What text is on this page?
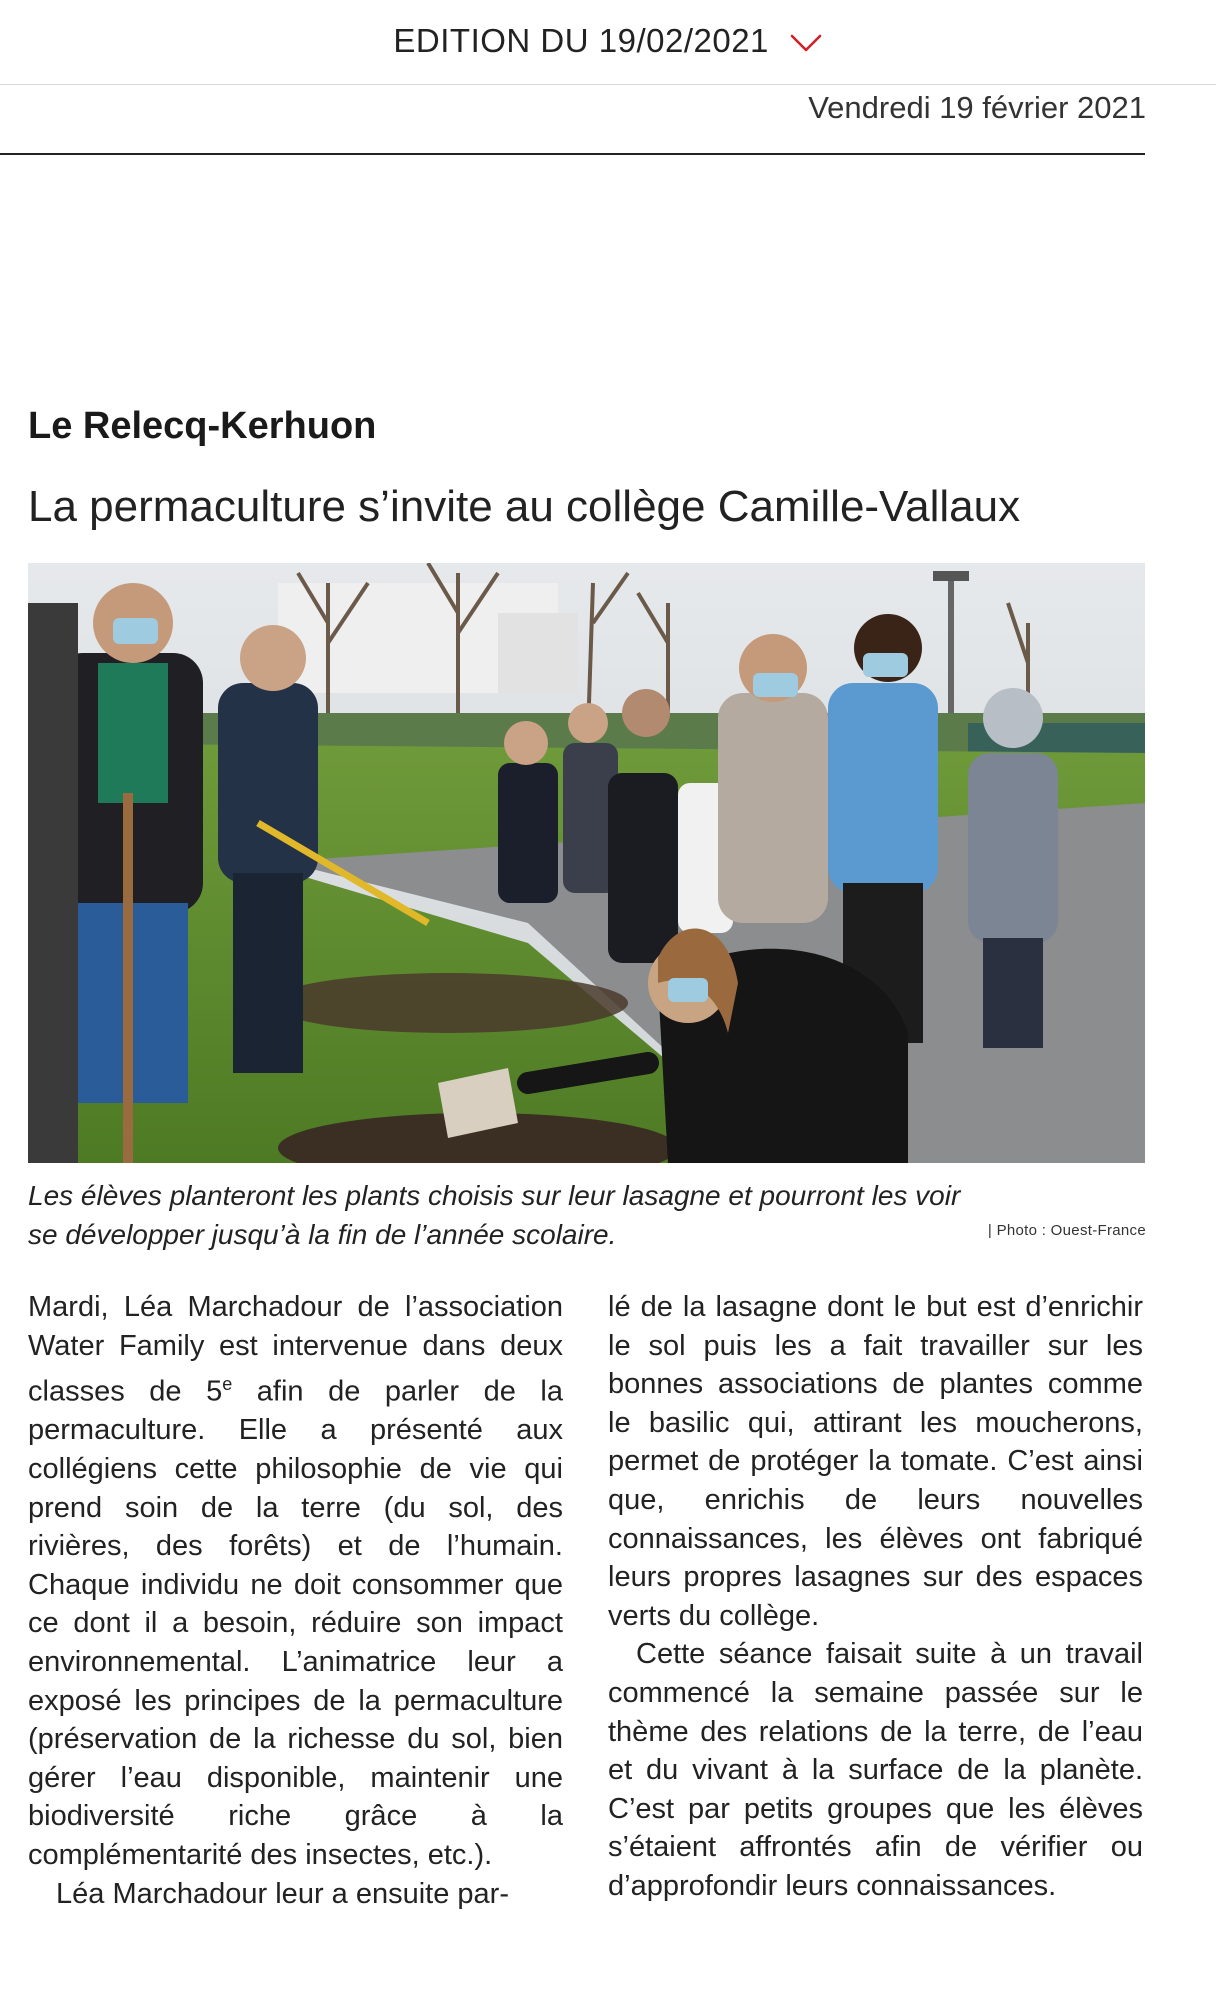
EDITION DU 19/02/2021
Vendredi 19 février 2021
Le Relecq-Kerhuon
La permaculture s’invite au collège Camille-Vallaux
Les élèves planteront les plants choisis sur leur lasagne et pourront les voir
se développer jusqu’à la fin de l’année scolaire.	| Photo : Ouest-France

Mardi, Léa Marchadour de l’association Water Family est intervenue dans deux classes de 5e afin de parler de la permaculture. Elle a présenté aux collégiens cette philosophie de vie qui prend soin de la terre (du sol, des rivières, des forêts) et de l’humain. Chaque individu ne doit consommer que ce dont il a besoin, réduire son impact environnemental. L’animatrice leur a exposé les principes de la permaculture (préservation de la richesse du sol, bien gérer l’eau disponible, maintenir une biodiversité riche grâce à la complémentarité des insectes, etc.).

Léa Marchadour leur a ensuite par-

lé de la lasagne dont le but est d’enrichir le sol puis les a fait travailler sur les bonnes associations de plantes comme le basilic qui, attirant les moucherons, permet de protéger la tomate. C’est ainsi que, enrichis de leurs nouvelles connaissances, les élèves ont fabriqué leurs propres lasagnes sur des espaces verts du collège.

Cette séance faisait suite à un travail commencé la semaine passée sur le thème des relations de la terre, de l’eau et du vivant à la surface de la planète. C’est par petits groupes que les élèves s’étaient affrontés afin de vérifier ou d’approfondir leurs connaissances.
